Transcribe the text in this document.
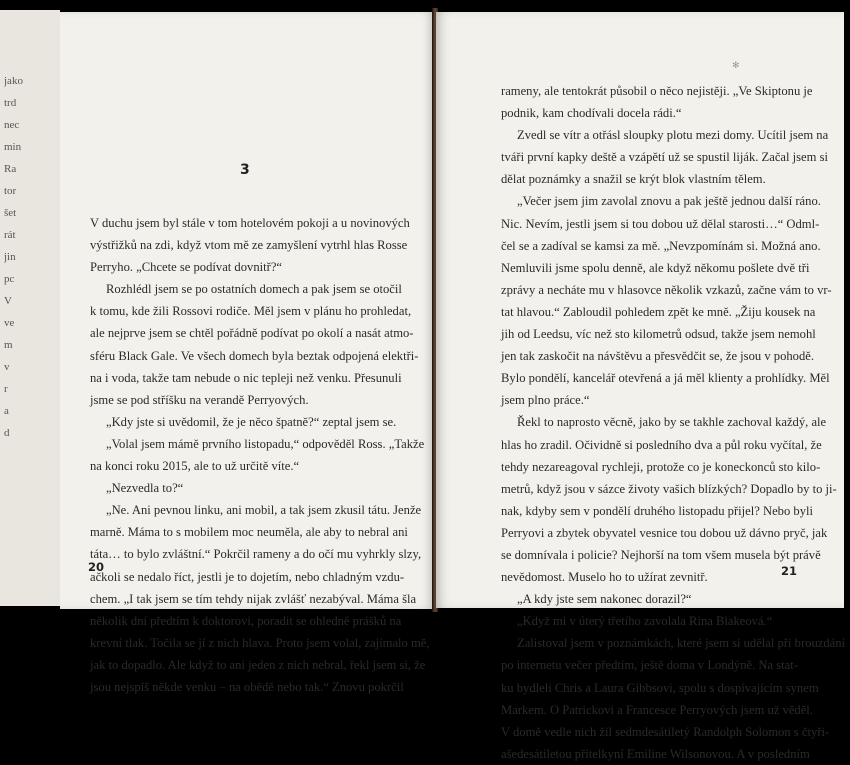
jako
trd
nec
min
Ra
tor
šet
rát
jin
pc
V
ve
m
v
r
a
d
3
V duchu jsem byl stále v tom hotelovém pokoji a u novinových
výstřižků na zdi, když vtom mě ze zamyšlení vytrhl hlas Rosse
Perryho. „Chcete se podívat dovnitř?“
Rozhlédl jsem se po ostatních domech a pak jsem se otočil
k tomu, kde žili Rossovi rodiče. Měl jsem v plánu ho prohledat,
ale nejprve jsem se chtěl pořádně podívat po okolí a nasát atmo-
sféru Black Gale. Ve všech domech byla beztak odpojená elektři-
na i voda, takže tam nebude o nic tepleji než venku. Přesunuli
jsme se pod stříšku na verandě Perryových.
„Kdy jste si uvědomil, že je něco špatně?“ zeptal jsem se.
„Volal jsem mámě prvního listopadu,“ odpověděl Ross. „Takže
na konci roku 2015, ale to už určitě víte.“
„Nezvedla to?“
„Ne. Ani pevnou linku, ani mobil, a tak jsem zkusil tátu. Jenže
marně. Máma to s mobilem moc neuměla, ale aby to nebral ani
táta… to bylo zvláštní.“ Pokrčil rameny a do očí mu vyhrkly slzy,
ačkoli se nedalo říct, jestli je to dojetím, nebo chladným vzdu-
chem. „I tak jsem se tím tehdy nijak zvlášť nezabýval. Máma šla
několik dní předtím k doktorovi, poradit se ohledně prášků na
krevní tlak. Točila se jí z nich hlava. Proto jsem volal, zajímalo mě,
jak to dopadlo. Ale když to ani jeden z nich nebral, řekl jsem si, že
jsou nejspíš někde venku – na obědě nebo tak.“ Znovu pokrčil
20
✻
rameny, ale tentokrát působil o něco nejistěji. „Ve Skiptonu je
podnik, kam chodívali docela rádi.“
Zvedl se vítr a otřásl sloupky plotu mezi domy. Ucítil jsem na
tváři první kapky deště a vzápětí už se spustil liják. Začal jsem si
dělat poznámky a snažil se krýt blok vlastním tělem.
„Večer jsem jim zavolal znovu a pak ještě jednou další ráno.
Nic. Nevím, jestli jsem si tou dobou už dělal starosti…“ Odml-
čel se a zadíval se kamsi za mě. „Nevzpomínám si. Možná ano.
Nemluvili jsme spolu denně, ale když někomu pošlete dvě tři
zprávy a necháte mu v hlasovce několik vzkazů, začne vám to vr-
tat hlavou.“ Zabloudil pohledem zpět ke mně. „Žiju kousek na
jih od Leedsu, víc než sto kilometrů odsud, takže jsem nemohl
jen tak zaskočit na návštěvu a přesvědčit se, že jsou v pohodě.
Bylo pondělí, kancelář otevřená a já měl klienty a prohlídky. Měl
jsem plno práce.“
Řekl to naprosto věcně, jako by se takhle zachoval každý, ale
hlas ho zradil. Očividně si posledního dva a půl roku vyčítal, že
tehdy nezareagoval rychleji, protože co je koneckonců sto kilo-
metrů, když jsou v sázce životy vašich blízkých? Dopadlo by to ji-
nak, kdyby sem v pondělí druhého listopadu přijel? Nebo byli
Perryovi a zbytek obyvatel vesnice tou dobou už dávno pryč, jak
se domnívala i policie? Nejhorší na tom všem musela být právě
nevědomost. Muselo ho to užírat zevnitř.
„A kdy jste sem nakonec dorazil?“
„Když mi v úterý třetího zavolala Rina Blakeová.“
Zalistoval jsem v poznámkách, které jsem si udělal při brouzdání
po internetu večer předtím, ještě doma v Londýně. Na stat-
ku bydleli Chris a Laura Gibbsovi, spolu s dospívajícím synem
Markem. O Patrickovi a Francesce Perryových jsem už věděl.
V domě vedle nich žil sedmdesátiletý Randolph Solomon s čtyři-
ašedesátiletou přítelkyní Emiline Wilsonovou. A v posledním
21
